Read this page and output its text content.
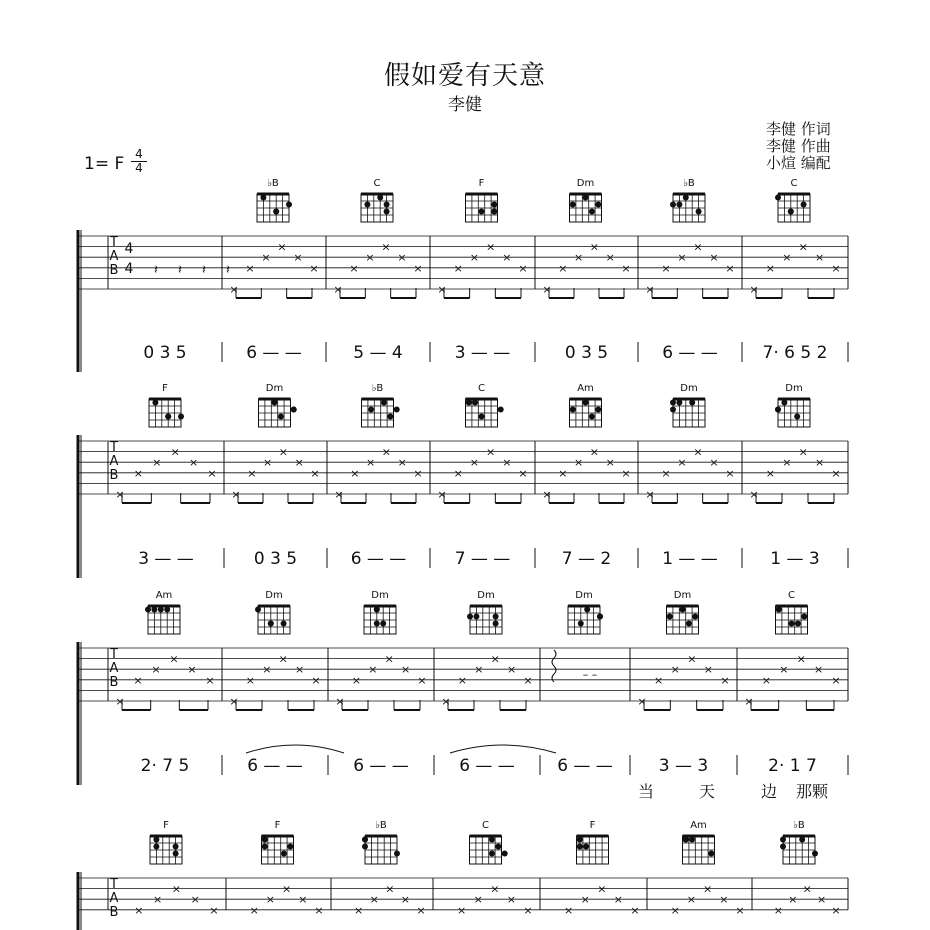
假如爱有天意
李健
李健 作词
李健 作曲
小煊 编配
1= F 4
4
T
A
B
4
4 𝄽 𝄽 𝄽 𝄽
×
×
×
×
×
×
×
×
×
×
×
×
×
×
×
×
×
×
×
×
×
×
×
×
×
×
×
×
×
×
×
×
×
×
×
×
0 3 5	6 — —	5 — 4	3 — —	0 3 5	6 — —	7· 6 5 2
♭B	C	F	Dm	♭B	C
T
A
B
×
×
×
×
×
×
×
×
×
×
×
×
×
×
×
×
×
×
×
×
×
×
×
×
×
×
×
×
×
×
×
×
×
×
×
×
×
×
×
×
×
×
3 — —	0 3 5	6 — —	7 — —	7 — 2	1 — —	1 — 3
F	Dm	♭B	C	Am	Dm	Dm
T
A
B
×
×
×
×
×
×
×
×
×
×
×
×
×
×
×
×
×
×
×
×
×
×
×
×	– –
×
×
×
×
×
×
×
×
×
×
×
×
2· 7 5	6 — —	6 — —	6 — — 6 — —	3 — 3	2· 1 7
当	天	边 那颗
Am	Dm	Dm	Dm	Dm	Dm	C
T
A
B ×
×
×
×
×	×
×
×
×
×	×
×
×
×
×	×
×
×
×
×	×
×
×
×
×	×
×
×
×
×	×
×
×
×
×
F	F	♭B	C	F	Am	♭B
